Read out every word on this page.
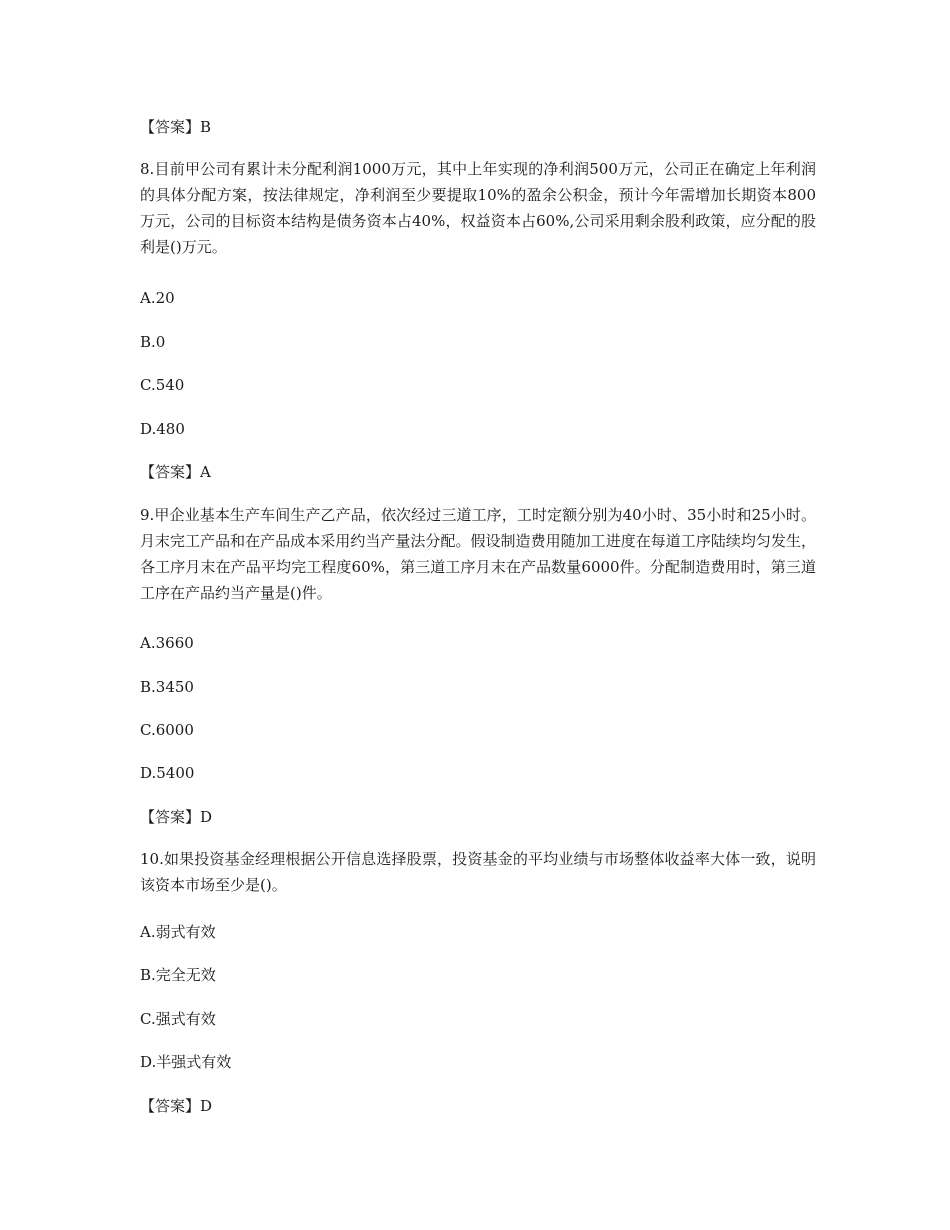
【答案】B
8.目前甲公司有累计未分配利润1000万元，其中上年实现的净利润500万元，公司正在确定上年利润的具体分配方案，按法律规定，净利润至少要提取10%的盈余公积金，预计今年需增加长期资本800万元，公司的目标资本结构是债务资本占40%，权益资本占60%,公司采用剩余股利政策，应分配的股利是()万元。
A.20
B.0
C.540
D.480
【答案】A
9.甲企业基本生产车间生产乙产品，依次经过三道工序，工时定额分别为40小时、35小时和25小时。月末完工产品和在产品成本采用约当产量法分配。假设制造费用随加工进度在每道工序陆续均匀发生，各工序月末在产品平均完工程度60%，第三道工序月末在产品数量6000件。分配制造费用时，第三道工序在产品约当产量是()件。
A.3660
B.3450
C.6000
D.5400
【答案】D
10.如果投资基金经理根据公开信息选择股票，投资基金的平均业绩与市场整体收益率大体一致，说明该资本市场至少是()。
A.弱式有效
B.完全无效
C.强式有效
D.半强式有效
【答案】D
